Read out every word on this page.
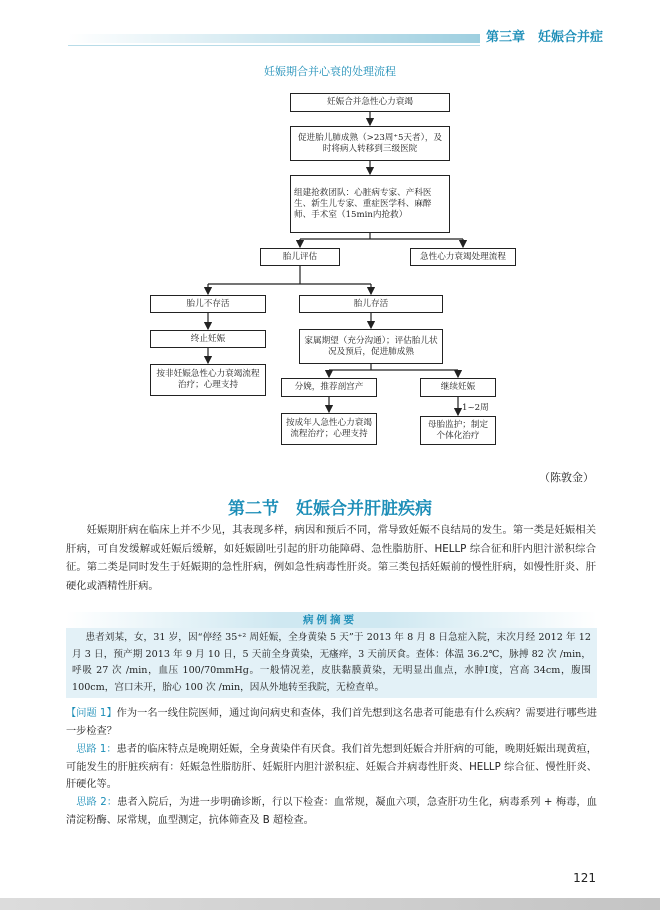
第三章　妊娠合并症
妊娠期合并心衰的处理流程
妊娠合并急性心力衰竭
促进胎儿肺成熟（>23周⁺5天者），及时将病人转移到三级医院
组建抢救团队：心脏病专家、产科医生、新生儿专家、重症医学科、麻醉师、手术室（15min内抢救）
胎儿评估	急性心力衰竭处理流程
胎儿不存活	胎儿存活
终止妊娠	家属期望（充分沟通）；评估胎儿状况及预后，促进肺成熟
按非妊娠急性心力衰竭流程治疗；心理支持	分娩，推荐剖宫产	继续妊娠
按成年人急性心力衰竭流程治疗；心理支持
母胎监护；制定个体化治疗
1~2周
（陈敦金）
第二节　妊娠合并肝脏疾病

妊娠期肝病在临床上并不少见，其表现多样，病因和预后不同，常导致妊娠不良结局的发生。第一类是妊娠相关肝病，可自发缓解或妊娠后缓解，如妊娠剧吐引起的肝功能障碍、急性脂肪肝、HELLP 综合征和肝内胆汁淤积综合征。第二类是同时发生于妊娠期的急性肝病，例如急性病毒性肝炎。第三类包括妊娠前的慢性肝病，如慢性肝炎、肝硬化或酒精性肝病。

病例摘要
患者刘某，女，31 岁，因“停经 35⁺² 周妊娠，全身黄染 5 天”于 2013 年 8 月 8 日急症入院，末次月经 2012 年 12 月 3 日，预产期 2013 年 9 月 10 日，5 天前全身黄染，无瘙痒，3 天前厌食。查体：体温 36.2℃，脉搏 82 次 /min，呼吸 27 次 /min，血压 100/70mmHg。一般情况差，皮肤黏膜黄染，无明显出血点，水肿Ⅰ度，宫高 34cm，腹围 100cm，宫口未开，胎心 100 次 /min，因从外地转至我院，无检查单。
【问题 1】作为一名一线住院医师，通过询问病史和查体，我们首先想到这名患者可能患有什么疾病？需要进行哪些进一步检查？
思路 1：患者的临床特点是晚期妊娠，全身黄染伴有厌食。我们首先想到妊娠合并肝病的可能，晚期妊娠出现黄疸，可能发生的肝脏疾病有：妊娠急性脂肪肝、妊娠肝内胆汁淤积症、妊娠合并病毒性肝炎、HELLP 综合征、慢性肝炎、肝硬化等。
思路 2：患者入院后，为进一步明确诊断，行以下检查：血常规，凝血六项，急查肝功生化，病毒系列 + 梅毒，血清淀粉酶、尿常规，血型测定，抗体筛查及 B 超检查。
121
